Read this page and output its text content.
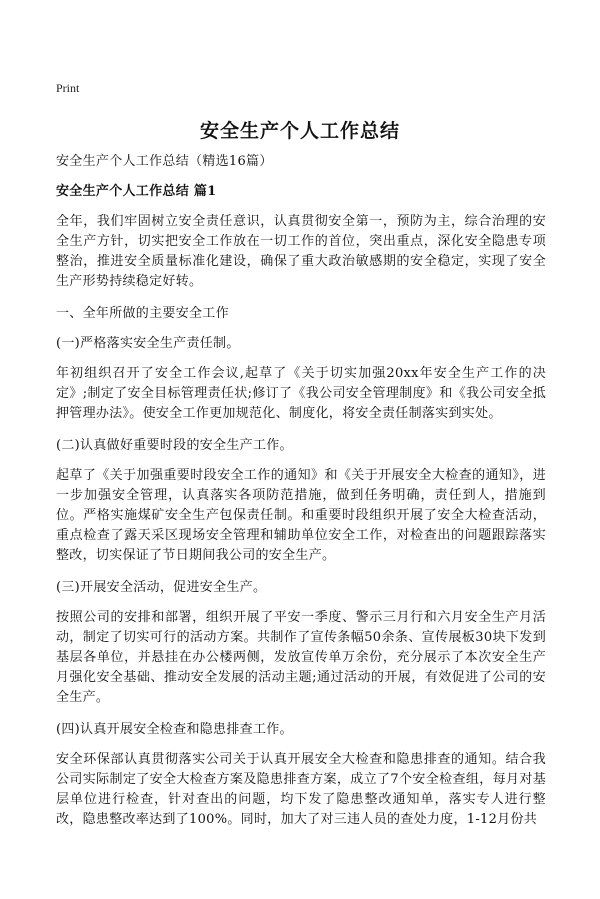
Print
安全生产个人工作总结

安全生产个人工作总结（精选16篇）

安全生产个人工作总结 篇1

全年，我们牢固树立安全责任意识，认真贯彻安全第一，预防为主，综合治理的安全生产方针，切实把安全工作放在一切工作的首位，突出重点，深化安全隐患专项整治，推进安全质量标准化建设，确保了重大政治敏感期的安全稳定，实现了安全生产形势持续稳定好转。

一、全年所做的主要安全工作

(一)严格落实安全生产责任制。

年初组织召开了安全工作会议,起草了《关于切实加强20xx年安全生产工作的决定》;制定了安全目标管理责任状;修订了《我公司安全管理制度》和《我公司安全抵押管理办法》。使安全工作更加规范化、制度化，将安全责任制落实到实处。

(二)认真做好重要时段的安全生产工作。

起草了《关于加强重要时段安全工作的通知》和《关于开展安全大检查的通知》，进一步加强安全管理，认真落实各项防范措施，做到任务明确，责任到人，措施到位。严格实施煤矿安全生产包保责任制。和重要时段组织开展了安全大检查活动，重点检查了露天采区现场安全管理和辅助单位安全工作，对检查出的问题跟踪落实整改，切实保证了节日期间我公司的安全生产。

(三)开展安全活动，促进安全生产。

按照公司的安排和部署，组织开展了平安一季度、警示三月行和六月安全生产月活动，制定了切实可行的活动方案。共制作了宣传条幅50余条、宣传展板30块下发到基层各单位，并悬挂在办公楼两侧，发放宣传单万余份，充分展示了本次安全生产月强化安全基础、推动安全发展的活动主题;通过活动的开展，有效促进了公司的安全生产。

(四)认真开展安全检查和隐患排查工作。

安全环保部认真贯彻落实公司关于认真开展安全大检查和隐患排查的通知。结合我公司实际制定了安全大检查方案及隐患排查方案，成立了7个安全检查组，每月对基层单位进行检查，针对查出的问题，均下发了隐患整改通知单，落实专人进行整改，隐患整改率达到了100%。同时，加大了对三违人员的查处力度，1-12月份共
